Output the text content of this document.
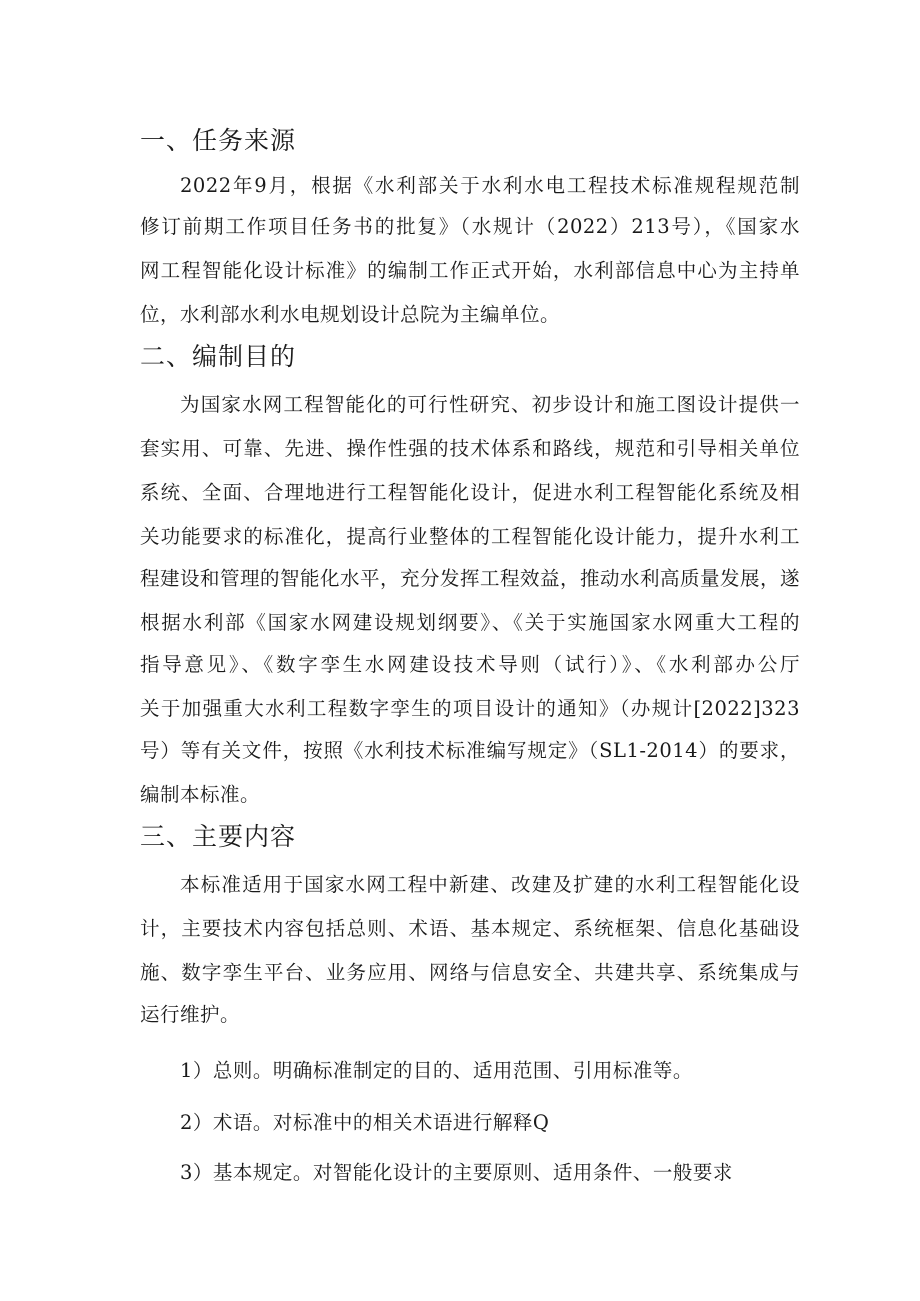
一、任务来源
2022年9月，根据《水利部关于水利水电工程技术标准规程规范制
修订前期工作项目任务书的批复》（水规计（2022）213号），《国家水
网工程智能化设计标准》的编制工作正式开始，水利部信息中心为主持单
位，水利部水利水电规划设计总院为主编单位。
二、编制目的
为国家水网工程智能化的可行性研究、初步设计和施工图设计提供一
套实用、可靠、先进、操作性强的技术体系和路线，规范和引导相关单位
系统、全面、合理地进行工程智能化设计，促进水利工程智能化系统及相
关功能要求的标准化，提高行业整体的工程智能化设计能力，提升水利工
程建设和管理的智能化水平，充分发挥工程效益，推动水利高质量发展，遂
根据水利部《国家水网建设规划纲要》、《关于实施国家水网重大工程的
指导意见》、《数字孪生水网建设技术导则（试行）》、《水利部办公厅
关于加强重大水利工程数字孪生的项目设计的通知》（办规计[2022]323
号）等有关文件，按照《水利技术标准编写规定》（SL1-2014）的要求，
编制本标准。
三、主要内容
本标准适用于国家水网工程中新建、改建及扩建的水利工程智能化设
计，主要技术内容包括总则、术语、基本规定、系统框架、信息化基础设
施、数字孪生平台、业务应用、网络与信息安全、共建共享、系统集成与
运行维护。
1）总则。明确标准制定的目的、适用范围、引用标准等。
2）术语。对标准中的相关术语进行解释Q
3）基本规定。对智能化设计的主要原则、适用条件、一般要求
